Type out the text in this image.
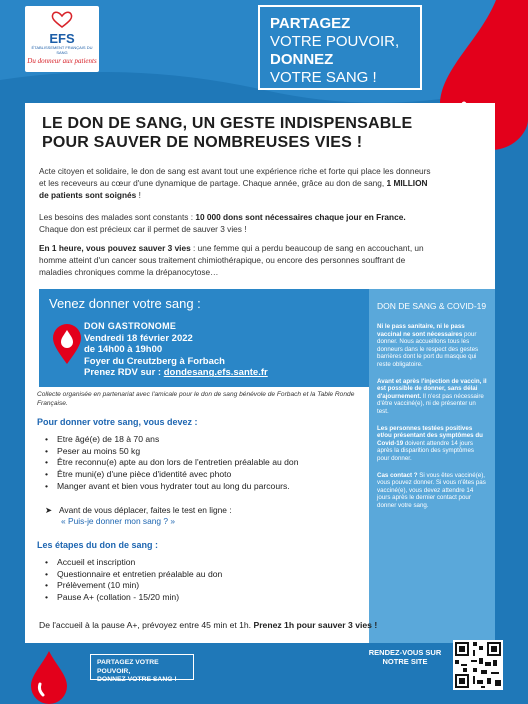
EFS
ÉTABLISSEMENT FRANÇAIS DU SANG
Du donneur aux patients
PARTAGEZ
VOTRE POUVOIR,
DONNEZ
VOTRE SANG !
LE DON DE SANG, UN GESTE INDISPENSABLE POUR SAUVER DE NOMBREUSES VIES !

Acte citoyen et solidaire, le don de sang est avant tout une expérience riche et forte qui place les donneurs et les receveurs au cœur d'une dynamique de partage. Chaque année, grâce au don de sang, 1 MILLION de patients sont soignés !

Les besoins des malades sont constants : 10 000 dons sont nécessaires chaque jour en France. Chaque don est précieux car il permet de sauver 3 vies !

En 1 heure, vous pouvez sauver 3 vies : une femme qui a perdu beaucoup de sang en accouchant, un homme atteint d'un cancer sous traitement chimiothérapique, ou encore des personnes souffrant de maladies chroniques comme la drépanocytose…

Venez donner votre sang :
DON GASTRONOME
Vendredi 18 février 2022
de 14h00 à 19h00
Foyer du Creutzberg à Forbach
Prenez RDV sur : dondesang.efs.sante.fr
DON DE SANG & COVID-19

Ni le pass sanitaire, ni le pass vaccinal ne sont nécessaires pour donner. Nous accueillons tous les donneurs dans le respect des gestes barrières dont le port du masque qui reste obligatoire.

Avant et après l'injection de vaccin, il est possible de donner, sans délai d'ajournement. Il n'est pas nécessaire d'être vacciné(e), ni de présenter un test.

Les personnes testées positives et/ou présentant des symptômes du Covid-19 doivent attendre 14 jours après la disparition des symptômes pour donner.

Cas contact ? Si vous êtes vacciné(e), vous pouvez donner. Si vous n'êtes pas vacciné(e), vous devez attendre 14 jours après le dernier contact pour donner votre sang.

Collecte organisée en partenariat avec l'amicale pour le don de sang bénévole de Forbach et la Table Ronde Française.
Pour donner votre sang, vous devez :
• Etre âgé(e) de 18 à 70 ans
• Peser au moins 50 kg
• Être reconnu(e) apte au don lors de l'entretien préalable au don
• Être muni(e) d'une pièce d'identité avec photo
• Manger avant et bien vous hydrater tout au long du parcours.
➤ Avant de vous déplacer, faites le test en ligne :
« Puis-je donner mon sang ? »
Les étapes du don de sang :
• Accueil et inscription
• Questionnaire et entretien préalable au don
• Prélèvement (10 min)
• Pause A+ (collation - 15/20 min)
De l'accueil à la pause A+, prévoyez entre 45 min et 1h. Prenez 1h pour sauver 3 vies !
PARTAGEZ VOTRE POUVOIR,
DONNEZ VOTRE SANG !
RENDEZ-VOUS SUR NOTRE SITE
